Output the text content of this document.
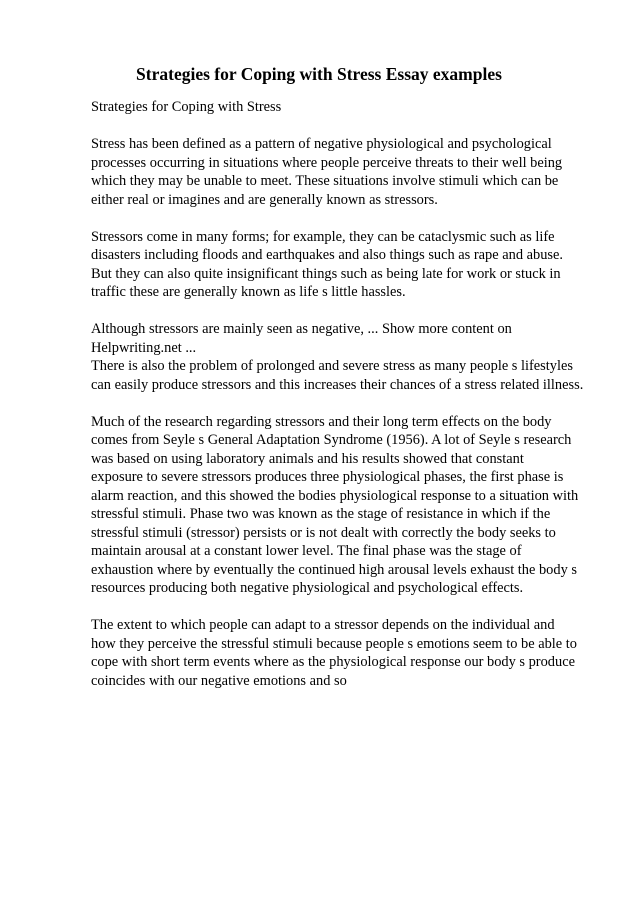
Strategies for Coping with Stress Essay examples

Strategies for Coping with Stress

Stress has been defined as a pattern of negative physiological and psychological
processes occurring in situations where people perceive threats to their well being
which they may be unable to meet. These situations involve stimuli which can be
either real or imagines and are generally known as stressors.

Stressors come in many forms; for example, they can be cataclysmic such as life
disasters including floods and earthquakes and also things such as rape and abuse.
But they can also quite insignificant things such as being late for work or stuck in
traffic these are generally known as life s little hassles.

Although stressors are mainly seen as negative, ... Show more content on
Helpwriting.net ...

There is also the problem of prolonged and severe stress as many people s lifestyles
can easily produce stressors and this increases their chances of a stress related illness.

Much of the research regarding stressors and their long term effects on the body
comes from Seyle s General Adaptation Syndrome (1956). A lot of Seyle s research
was based on using laboratory animals and his results showed that constant
exposure to severe stressors produces three physiological phases, the first phase is
alarm reaction, and this showed the bodies physiological response to a situation with
stressful stimuli. Phase two was known as the stage of resistance in which if the
stressful stimuli (stressor) persists or is not dealt with correctly the body seeks to
maintain arousal at a constant lower level. The final phase was the stage of
exhaustion where by eventually the continued high arousal levels exhaust the body s
resources producing both negative physiological and psychological effects.

The extent to which people can adapt to a stressor depends on the individual and
how they perceive the stressful stimuli because people s emotions seem to be able to
cope with short term events where as the physiological response our body s produce
coincides with our negative emotions and so
